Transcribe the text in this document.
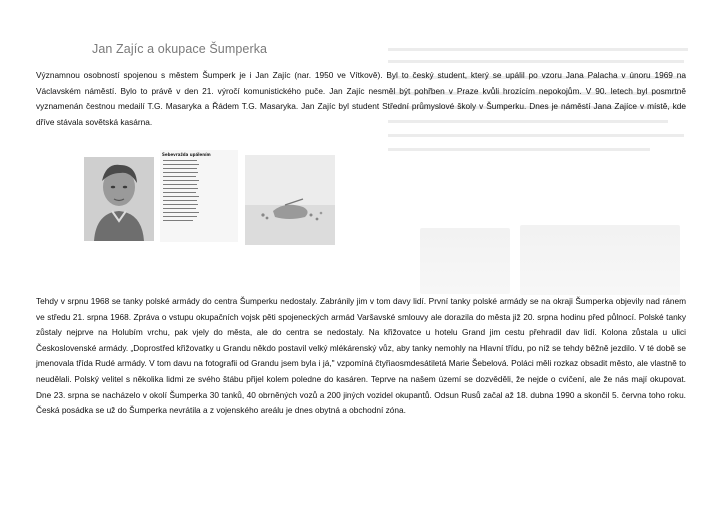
Jan Zajíc a okupace Šumperka

Významnou osobností spojenou s městem Šumperk je i Jan Zajíc (nar. 1950 ve Vítkově). Byl to český student, který se upálil po vzoru Jana Palacha v únoru 1969 na Václavském náměstí. Bylo to právě v den 21. výročí komunistického puče. Jan Zajíc nesměl být pohřben v Praze kvůli hrozícím nepokojům. V 90. letech byl posmrtně vyznamenán čestnou medailí T.G. Masaryka a Řádem T.G. Masaryka. Jan Zajíc byl student Střední průmyslové školy v Šumperku. Dnes je náměstí Jana Zajíce v místě, kde dříve stávala sovětská kasárna.

Sebevražda upálením

Tehdy v srpnu 1968 se tanky polské armády do centra Šumperku nedostaly. Zabránily jim v tom davy lidí. První tanky polské armády se na okraji Šumperka objevily nad ránem ve středu 21. srpna 1968. Zpráva o vstupu okupačních vojsk pěti spojeneckých armád Varšavské smlouvy ale dorazila do města již 20. srpna hodinu před půlnocí. Polské tanky zůstaly nejprve na Holubím vrchu, pak vjely do města, ale do centra se nedostaly. Na křižovatce u hotelu Grand jim cestu přehradil dav lidí. Kolona zůstala u ulici Československé armády. „Doprostřed křižovatky u Grandu někdo postavil velký mlékárenský vůz, aby tanky nemohly na Hlavní třídu, po níž se tehdy běžně jezdilo. V té době se jmenovala třída Rudé armády. V tom davu na fotografii od Grandu jsem byla i já," vzpomíná čtyřiaosmdesátiletá Marie Šebelová. Poláci měli rozkaz obsadit město, ale vlastně to neudělali. Polský velitel s několika lidmi ze svého štábu přijel kolem poledne do kasáren. Teprve na našem území se dozvěděli, že nejde o cvičení, ale že nás mají okupovat. Dne 23. srpna se nacházelo v okolí Šumperka 30 tanků, 40 obrněných vozů a 200 jiných vozidel okupantů. Odsun Rusů začal až 18. dubna 1990 a skončil 5. června toho roku. Česká posádka se už do Šumperka nevrátila a z vojenského areálu je dnes obytná a obchodní zóna.
